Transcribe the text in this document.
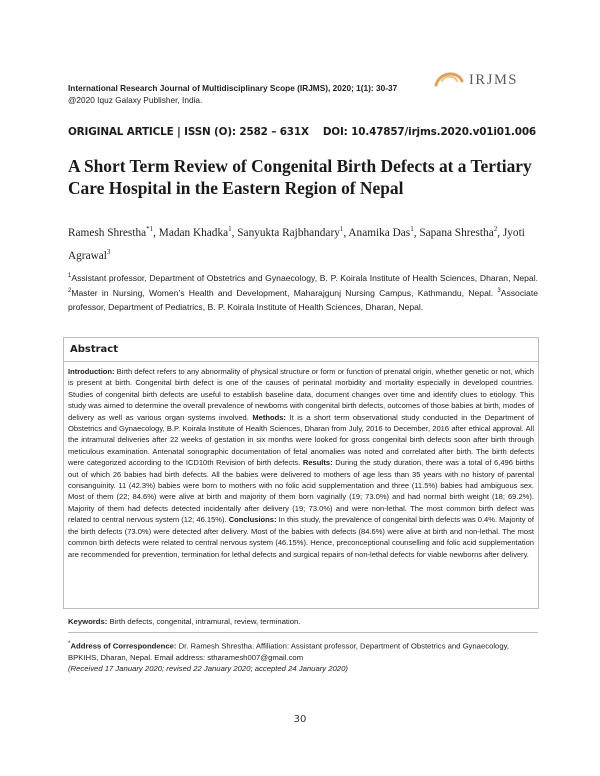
International Research Journal of Multidisciplinary Scope (IRJMS), 2020; 1(1): 30-37
@2020 Iquz Galaxy Publisher, India.
IRJMS
ORIGINAL ARTICLE | ISSN (O): 2582 – 631X DOI: 10.47857/irjms.2020.v01i01.006
A Short Term Review of Congenital Birth Defects at a Tertiary Care Hospital in the Eastern Region of Nepal
Ramesh Shrestha$^{*1}$, Madan Khadka$^1$, Sanyukta Rajbhandary$^1$, Anamika Das$^1$, Sapana Shrestha$^2$, Jyoti Agrawal$^3$
$^1$Assistant professor, Department of Obstetrics and Gynaecology, B. P. Koirala Institute of Health Sciences, Dharan, Nepal. $^2$Master in Nursing, Women’s Health and Development, Maharajgunj Nursing Campus, Kathmandu, Nepal. $^3$Associate professor, Department of Pediatrics, B. P. Koirala Institute of Health Sciences, Dharan, Nepal.
Abstract
Introduction: Birth defect refers to any abnormality of physical structure or form or function of prenatal origin, whether genetic or not, which is present at birth. Congenital birth defect is one of the causes of perinatal morbidity and mortality especially in developed countries. Studies of congenital birth defects are useful to establish baseline data, document changes over time and identify clues to etiology. This study was aimed to determine the overall prevalence of newborns with congenital birth defects, outcomes of those babies at birth, modes of delivery as well as various organ systems involved. Methods: It is a short term observational study conducted in the Department of Obstetrics and Gynaecology, B.P. Koirala Institute of Health Sciences, Dharan from July, 2016 to December, 2016 after ethical approval. All the intramural deliveries after 22 weeks of gestation in six months were looked for gross congenital birth defects soon after birth through meticulous examination. Antenatal sonographic documentation of fetal anomalies was noted and correlated after birth. The birth defects were categorized according to the ICD10th Revision of birth defects. Results: During the study duration, there was a total of 6,496 births out of which 26 babies had birth defects. All the babies were delivered to mothers of age less than 35 years with no history of parental consanguinity. 11 (42.3%) babies were born to mothers with no folic acid supplementation and three (11.5%) babies had ambiguous sex. Most of them (22; 84.6%) were alive at birth and majority of them born vaginally (19; 73.0%) and had normal birth weight (18; 69.2%). Majority of them had defects detected incidentally after delivery (19; 73.0%) and were non-lethal. The most common birth defect was related to central nervous system (12; 46.15%). Conclusions: In this study, the prevalence of congenital birth defects was 0.4%. Majority of the birth defects (73.0%) were detected after delivery. Most of the babies with defects (84.6%) were alive at birth and non-lethal. The most common birth defects were related to central nervous system (46.15%). Hence, preconceptional counselling and folic acid supplementation are recommended for prevention, termination for lethal defects and surgical repairs of non-lethal defects for viable newborns after delivery.
Keywords: Birth defects, congenital, intramural, review, termination.
*Address of Correspondence: Dr. Ramesh Shrestha. Affiliation: Assistant professor, Department of Obstetrics and Gynaecology, BPKIHS, Dharan, Nepal. Email address: stharamesh007@gmail.com
(Received 17 January 2020; revised 22 January 2020; accepted 24 January 2020)
30
